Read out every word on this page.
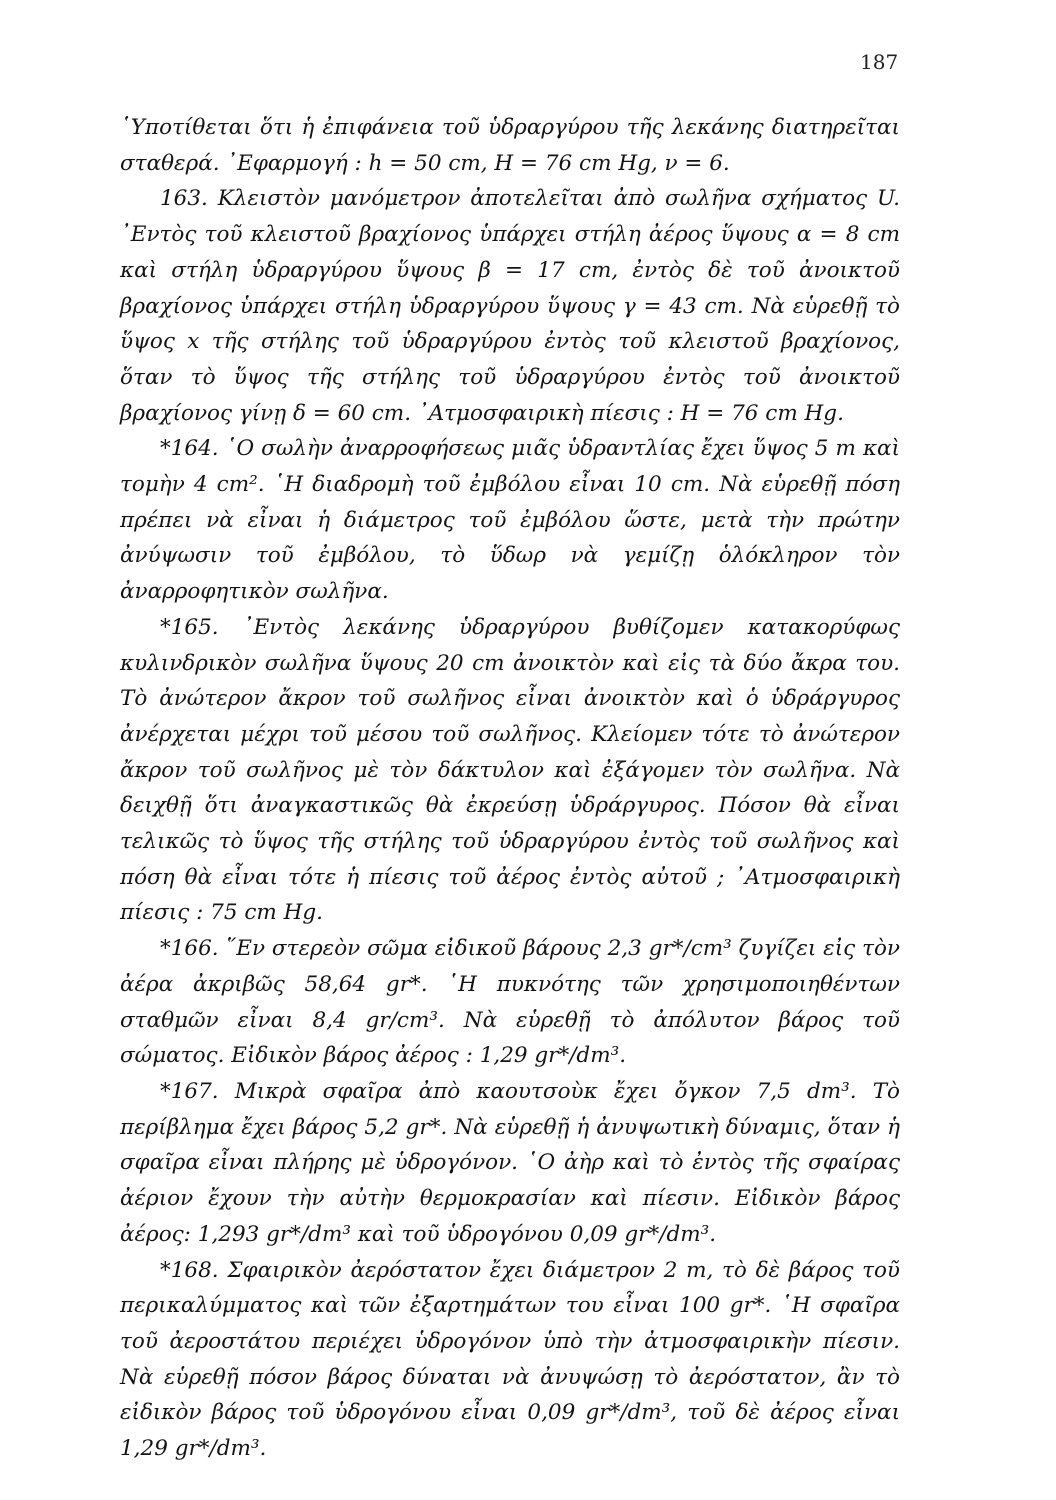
187

῾Υποτίθεται ὅτι ἡ ἐπιφάνεια τοῦ ὑδραργύρου τῆς λεκάνης διατηρεῖται σταθερά. ᾿Εφαρμογή : h = 50 cm, H = 76 cm Hg, ν = 6.

163. Κλειστὸν μανόμετρον ἀποτελεῖται ἀπὸ σωλῆνα σχήματος U. ᾿Εντὸς τοῦ κλειστοῦ βραχίονος ὑπάρχει στήλη ἀέρος ὕψους α = 8 cm καὶ στήλη ὑδραργύρου ὕψους β = 17 cm, ἐντὸς δὲ τοῦ ἀνοικτοῦ βραχίονος ὑπάρχει στήλη ὑδραργύρου ὕψους γ = 43 cm. Νὰ εὑρεθῇ τὸ ὕψος x τῆς στήλης τοῦ ὑδραργύρου ἐντὸς τοῦ κλειστοῦ βραχίονος, ὅταν τὸ ὕψος τῆς στήλης τοῦ ὑδραργύρου ἐντὸς τοῦ ἀνοικτοῦ βραχίονος γίνῃ δ = 60 cm. ᾿Ατμοσφαιρικὴ πίεσις : H = 76 cm Hg.

*164. ῾Ο σωλὴν ἀναρροφήσεως μιᾶς ὑδραντλίας ἔχει ὕψος 5 m καὶ τομὴν 4 cm². ῾Η διαδρομὴ τοῦ ἐμβόλου εἶναι 10 cm. Νὰ εὑρεθῇ πόση πρέπει νὰ εἶναι ἡ διάμετρος τοῦ ἐμβόλου ὥστε, μετὰ τὴν πρώτην ἀνύψωσιν τοῦ ἐμβόλου, τὸ ὕδωρ νὰ γεμίζῃ ὁλόκληρον τὸν ἀναρροφητικὸν σωλῆνα.

*165. ᾿Εντὸς λεκάνης ὑδραργύρου βυθίζομεν κατακορύφως κυλινδρικὸν σωλῆνα ὕψους 20 cm ἀνοικτὸν καὶ εἰς τὰ δύο ἄκρα του. Τὸ ἀνώτερον ἄκρον τοῦ σωλῆνος εἶναι ἀνοικτὸν καὶ ὁ ὑδράργυρος ἀνέρχεται μέχρι τοῦ μέσου τοῦ σωλῆνος. Κλείομεν τότε τὸ ἀνώτερον ἄκρον τοῦ σωλῆνος μὲ τὸν δάκτυλον καὶ ἐξάγομεν τὸν σωλῆνα. Νὰ δειχθῇ ὅτι ἀναγκαστικῶς θὰ ἐκρεύσῃ ὑδράργυρος. Πόσον θὰ εἶναι τελικῶς τὸ ὕψος τῆς στήλης τοῦ ὑδραργύρου ἐντὸς τοῦ σωλῆνος καὶ πόση θὰ εἶναι τότε ἡ πίεσις τοῦ ἀέρος ἐντὸς αὐτοῦ ; ᾿Ατμοσφαιρικὴ πίεσις : 75 cm Hg.

*166. ῞Εν στερεὸν σῶμα εἰδικοῦ βάρους 2,3 gr*/cm³ ζυγίζει εἰς τὸν ἀέρα ἀκριβῶς 58,64 gr*. ῾Η πυκνότης τῶν χρησιμοποιηθέντων σταθμῶν εἶναι 8,4 gr/cm³. Νὰ εὑρεθῇ τὸ ἀπόλυτον βάρος τοῦ σώματος. Εἰδικὸν βάρος ἀέρος : 1,29 gr*/dm³.

*167. Μικρὰ σφαῖρα ἀπὸ καουτσοὺκ ἔχει ὄγκον 7,5 dm³. Τὸ περίβλημα ἔχει βάρος 5,2 gr*. Νὰ εὑρεθῇ ἡ ἀνυψωτικὴ δύναμις, ὅταν ἡ σφαῖρα εἶναι πλήρης μὲ ὑδρογόνον. ῾Ο ἀὴρ καὶ τὸ ἐντὸς τῆς σφαίρας ἀέριον ἔχουν τὴν αὐτὴν θερμοκρασίαν καὶ πίεσιν. Εἰδικὸν βάρος ἀέρος: 1,293 gr*/dm³ καὶ τοῦ ὑδρογόνου 0,09 gr*/dm³.

*168. Σφαιρικὸν ἀερόστατον ἔχει διάμετρον 2 m, τὸ δὲ βάρος τοῦ περικαλύμματος καὶ τῶν ἐξαρτημάτων του εἶναι 100 gr*. ῾Η σφαῖρα τοῦ ἀεροστάτου περιέχει ὑδρογόνον ὑπὸ τὴν ἀτμοσφαιρικὴν πίεσιν. Νὰ εὑρεθῇ πόσον βάρος δύναται νὰ ἀνυψώσῃ τὸ ἀερόστατον, ἂν τὸ εἰδικὸν βάρος τοῦ ὑδρογόνου εἶναι 0,09 gr*/dm³, τοῦ δὲ ἀέρος εἶναι 1,29 gr*/dm³.
